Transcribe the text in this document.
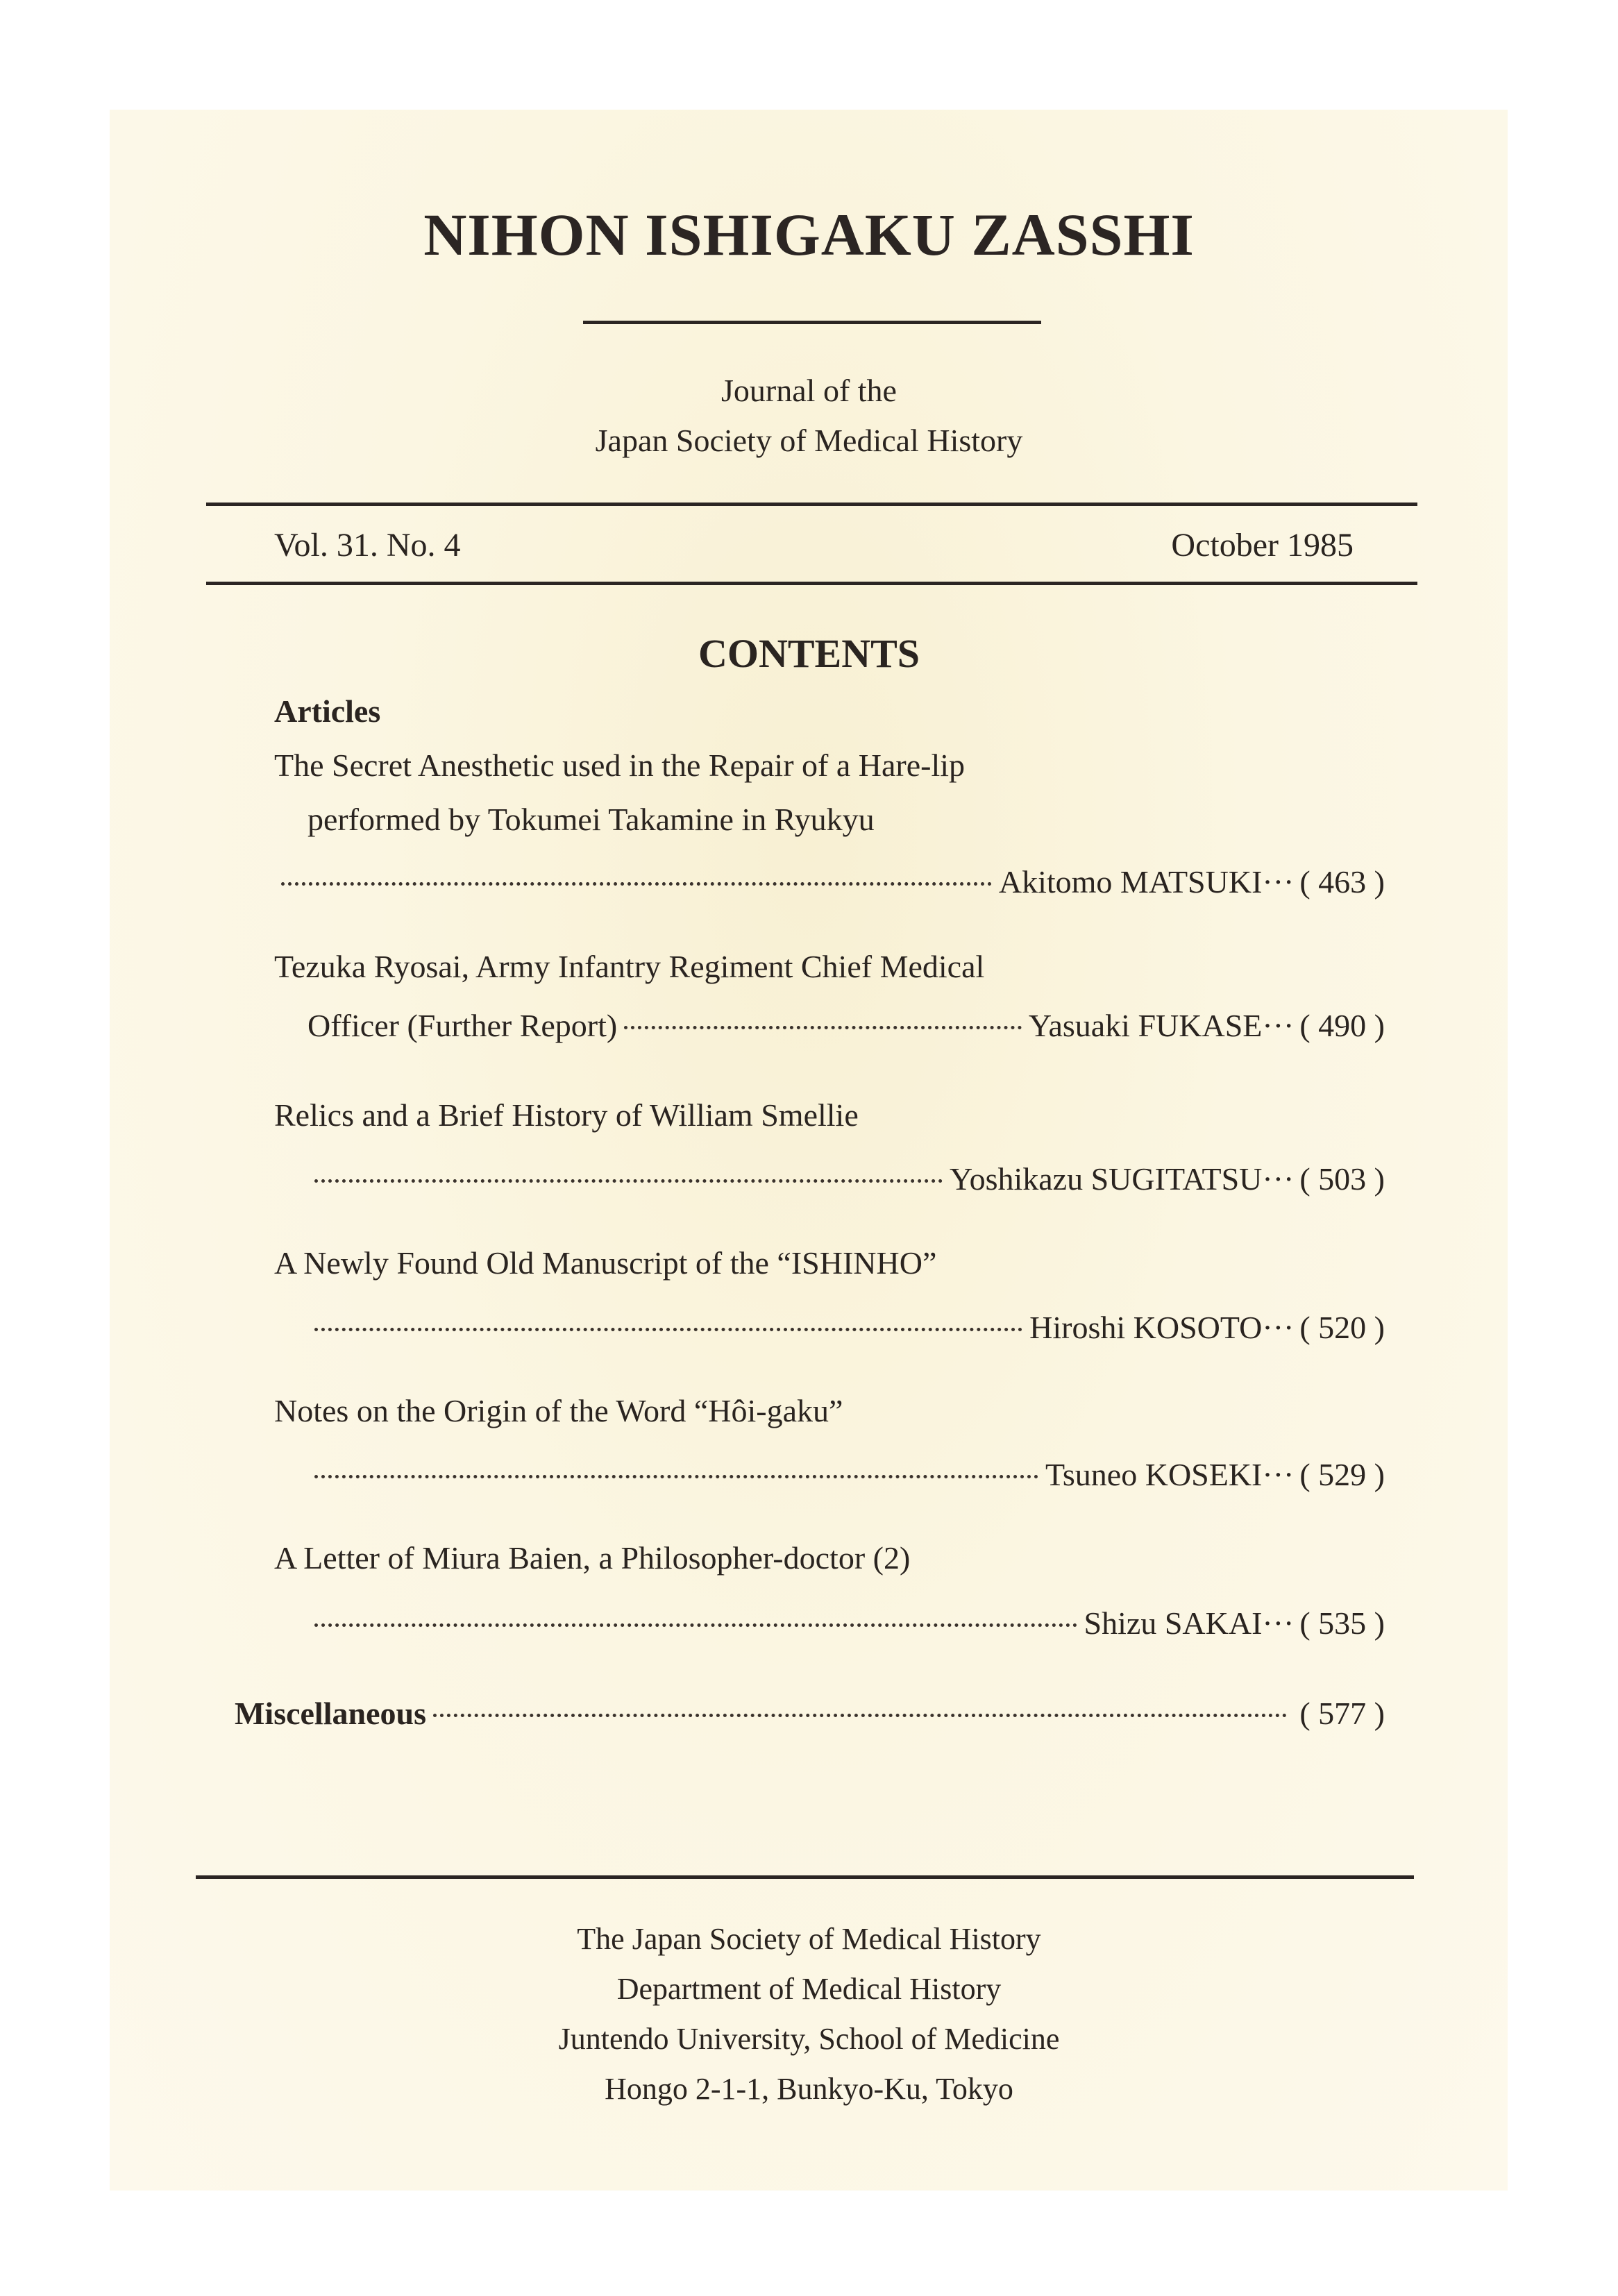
NIHON ISHIGAKU ZASSHI
Journal of the
Japan Society of Medical History
Vol. 31. No. 4	October 1985
CONTENTS
Articles
The Secret Anesthetic used in the Repair of a Hare-lip
performed by Tokumei Takamine in Ryukyu
Akitomo MATSUKI ··· ( 463 )
Tezuka Ryosai, Army Infantry Regiment Chief Medical
Officer (Further Report)	Yasuaki FUKASE ··· ( 490 )
Relics and a Brief History of William Smellie
Yoshikazu SUGITATSU ··· ( 503 )
A Newly Found Old Manuscript of the “ISHINHO”
Hiroshi KOSOTO ··· ( 520 )
Notes on the Origin of the Word “Hôi-gaku”
Tsuneo KOSEKI ··· ( 529 )
A Letter of Miura Baien, a Philosopher-doctor (2)
Shizu SAKAI ··· ( 535 )
Miscellaneous	( 577 )
The Japan Society of Medical History
Department of Medical History
Juntendo University, School of Medicine
Hongo 2-1-1, Bunkyo-Ku, Tokyo
